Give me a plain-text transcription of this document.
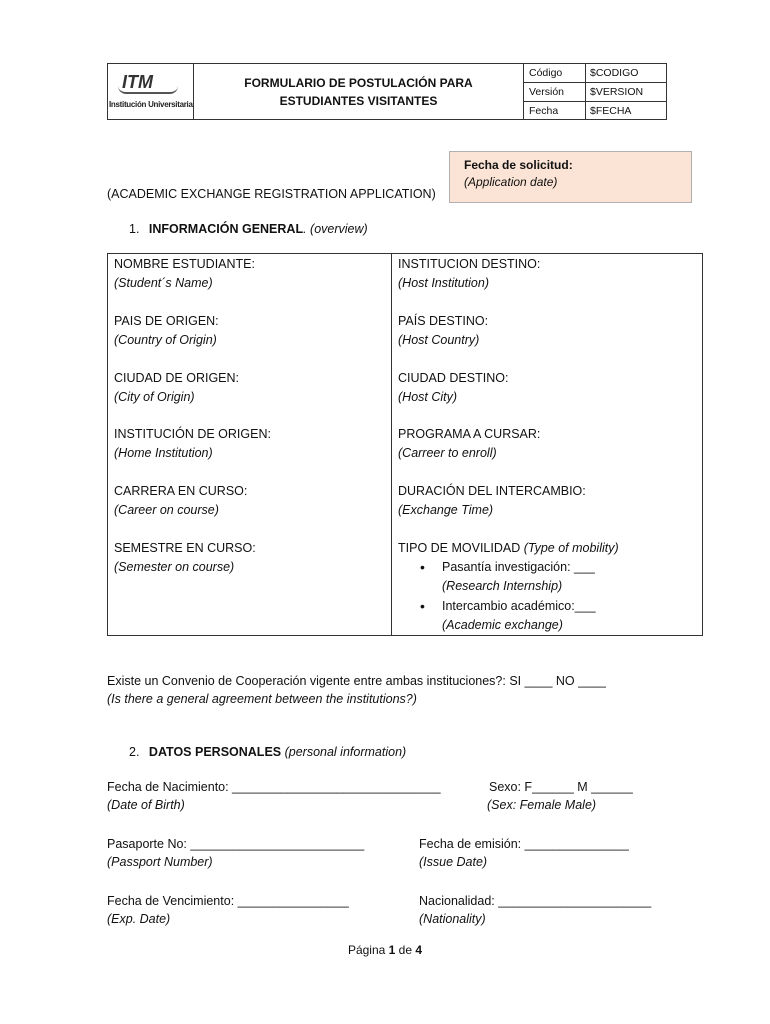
ITM
Institución Universitaria
FORMULARIO DE POSTULACIÓN PARA
ESTUDIANTES VISITANTES
Código	$CODIGO
Versión	$VERSION
Fecha	$FECHA
Fecha de solicitud:
(Application date)
(ACADEMIC EXCHANGE REGISTRATION APPLICATION)
1. INFORMACIÓN GENERAL. (overview)
NOMBRE ESTUDIANTE:
(Student´s Name)
PAIS DE ORIGEN:
(Country of Origin)
CIUDAD DE ORIGEN:
(City of Origin)
INSTITUCIÓN DE ORIGEN:
(Home Institution)
CARRERA EN CURSO:
(Career on course)
SEMESTRE EN CURSO:
(Semester on course)
INSTITUCION DESTINO:
(Host Institution)
PAÍS DESTINO:
(Host Country)
CIUDAD DESTINO:
(Host City)
PROGRAMA A CURSAR:
(Carreer to enroll)
DURACIÓN DEL INTERCAMBIO:
(Exchange Time)
TIPO DE MOVILIDAD (Type of mobility)
• Pasantía investigación: ___
(Research Internship)
• Intercambio académico:___
(Academic exchange)
Existe un Convenio de Cooperación vigente entre ambas instituciones?: SI ____ NO ____
(Is there a general agreement between the institutions?)
2. DATOS PERSONALES (personal information)
Fecha de Nacimiento: ______________________________
(Date of Birth)
Sexo: F______ M ______
(Sex: Female Male)
Pasaporte No: _________________________
(Passport Number)
Fecha de emisión: _______________
(Issue Date)
Fecha de Vencimiento: ________________
(Exp. Date)
Nacionalidad: ______________________
(Nationality)
Página 1 de 4
